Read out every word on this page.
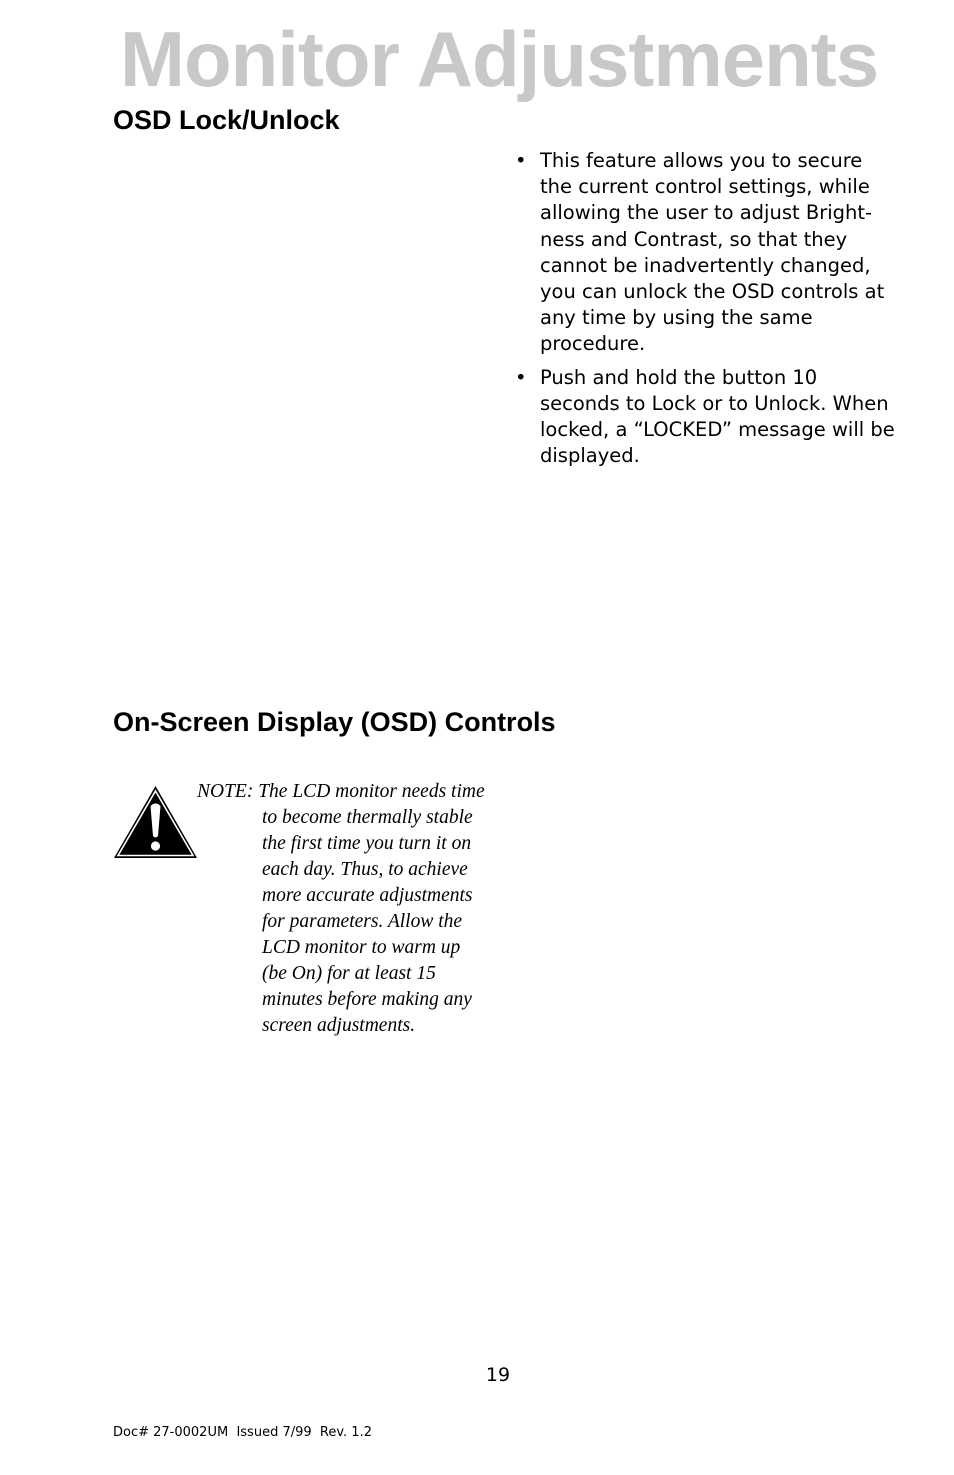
Monitor Adjustments
OSD Lock/Unlock
• This feature allows you to secure the current control settings, while allowing the user to adjust Bright-ness and Contrast, so that they cannot be inadvertently changed, you can unlock the OSD controls at any time by using the same procedure.
• Push and hold the button 10 seconds to Lock or to Unlock. When locked, a “LOCKED” message will be displayed.
On-Screen Display (OSD) Controls
NOTE: The LCD monitor needs time
to become thermally stable
the first time you turn it on
each day. Thus, to achieve
more accurate adjustments
for parameters. Allow the
LCD monitor to warm up
(be On) for at least 15
minutes before making any
screen adjustments.
19
Doc# 27-0002UM  Issued 7/99  Rev. 1.2
